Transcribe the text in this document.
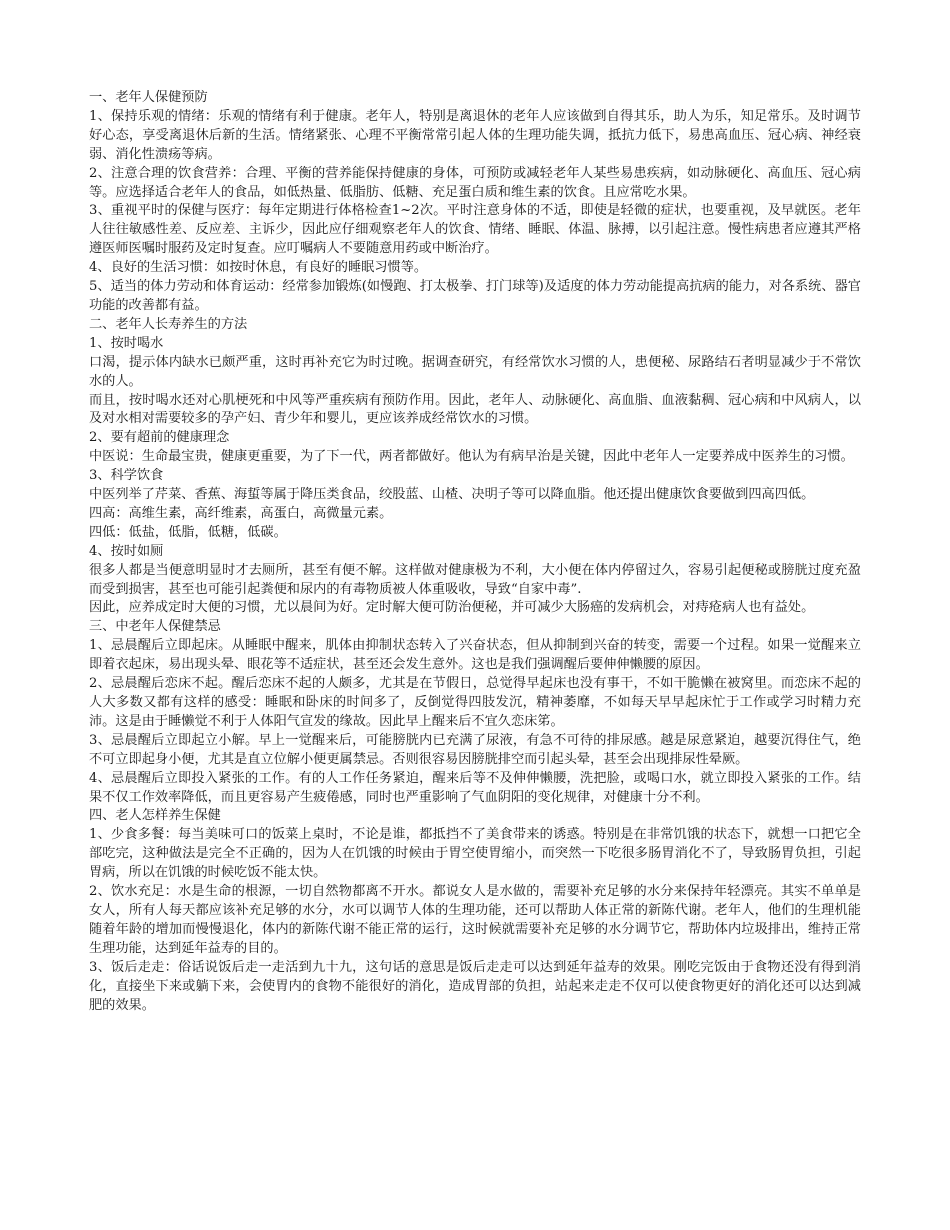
一、老年人保健预防

1、保持乐观的情绪：乐观的情绪有利于健康。老年人，特别是离退休的老年人应该做到自得其乐，助人为乐，知足常乐。及时调节好心态，享受离退休后新的生活。情绪紧张、心理不平衡常常引起人体的生理功能失调，抵抗力低下，易患高血压、冠心病、神经衰弱、消化性溃疡等病。

2、注意合理的饮食营养：合理、平衡的营养能保持健康的身体，可预防或减轻老年人某些易患疾病，如动脉硬化、高血压、冠心病等。应选择适合老年人的食品，如低热量、低脂肪、低糖、充足蛋白质和维生素的饮食。且应常吃水果。

3、重视平时的保健与医疗：每年定期进行体格检查1~2次。平时注意身体的不适，即使是轻微的症状，也要重视，及早就医。老年人往往敏感性差、反应差、主诉少，因此应仔细观察老年人的饮食、情绪、睡眠、体温、脉搏，以引起注意。慢性病患者应遵其严格遵医师医嘱时服药及定时复查。应叮嘱病人不要随意用药或中断治疗。

4、良好的生活习惯：如按时休息，有良好的睡眠习惯等。

5、适当的体力劳动和体育运动：经常参加锻炼(如慢跑、打太极拳、打门球等)及适度的体力劳动能提高抗病的能力，对各系统、器官功能的改善都有益。

二、老年人长寿养生的方法

1、按时喝水

口渴，提示体内缺水已颇严重，这时再补充它为时过晚。据调查研究，有经常饮水习惯的人，患便秘、尿路结石者明显减少于不常饮水的人。

而且，按时喝水还对心肌梗死和中风等严重疾病有预防作用。因此，老年人、动脉硬化、高血脂、血液黏稠、冠心病和中风病人，以及对水相对需要较多的孕产妇、青少年和婴儿，更应该养成经常饮水的习惯。

2、要有超前的健康理念

中医说：生命最宝贵，健康更重要，为了下一代，两者都做好。他认为有病早治是关键，因此中老年人一定要养成中医养生的习惯。

3、科学饮食

中医列举了芹菜、香蕉、海蜇等属于降压类食品，绞股蓝、山楂、决明子等可以降血脂。他还提出健康饮食要做到四高四低。

四高：高维生素，高纤维素，高蛋白，高微量元素。

四低：低盐，低脂，低糖，低碳。

4、按时如厕

很多人都是当便意明显时才去厕所，甚至有便不解。这样做对健康极为不利，大小便在体内停留过久，容易引起便秘或膀胱过度充盈而受到损害，甚至也可能引起粪便和尿内的有毒物质被人体重吸收，导致“自家中毒”.

因此，应养成定时大便的习惯，尤以晨间为好。定时解大便可防治便秘，并可减少大肠癌的发病机会，对痔疮病人也有益处。

三、中老年人保健禁忌

1、忌晨醒后立即起床。从睡眠中醒来，肌体由抑制状态转入了兴奋状态，但从抑制到兴奋的转变，需要一个过程。如果一觉醒来立即着衣起床，易出现头晕、眼花等不适症状，甚至还会发生意外。这也是我们强调醒后要伸伸懒腰的原因。

2、忌晨醒后恋床不起。醒后恋床不起的人颇多，尤其是在节假日，总觉得早起床也没有事干，不如干脆懒在被窝里。而恋床不起的人大多数又都有这样的感受：睡眠和卧床的时间多了，反倒觉得四肢发沉，精神萎靡，不如每天早早起床忙于工作或学习时精力充沛。这是由于睡懒觉不利于人体阳气宣发的缘故。因此早上醒来后不宜久恋床笫。

3、忌晨醒后立即起立小解。早上一觉醒来后，可能膀胱内已充满了尿液，有急不可待的排尿感。越是尿意紧迫，越要沉得住气，绝不可立即起身小便，尤其是直立位解小便更属禁忌。否则很容易因膀胱排空而引起头晕，甚至会出现排尿性晕厥。

4、忌晨醒后立即投入紧张的工作。有的人工作任务紧迫，醒来后等不及伸伸懒腰，洗把脸，或喝口水，就立即投入紧张的工作。结果不仅工作效率降低，而且更容易产生疲倦感，同时也严重影响了气血阴阳的变化规律，对健康十分不利。

四、老人怎样养生保健

1、少食多餐：每当美味可口的饭菜上桌时，不论是谁，都抵挡不了美食带来的诱惑。特别是在非常饥饿的状态下，就想一口把它全部吃完，这种做法是完全不正确的，因为人在饥饿的时候由于胃空使胃缩小，而突然一下吃很多肠胃消化不了，导致肠胃负担，引起胃病，所以在饥饿的时候吃饭不能太快。

2、饮水充足：水是生命的根源，一切自然物都离不开水。都说女人是水做的，需要补充足够的水分来保持年轻漂亮。其实不单单是女人，所有人每天都应该补充足够的水分，水可以调节人体的生理功能，还可以帮助人体正常的新陈代谢。老年人，他们的生理机能随着年龄的增加而慢慢退化，体内的新陈代谢不能正常的运行，这时候就需要补充足够的水分调节它，帮助体内垃圾排出，维持正常生理功能，达到延年益寿的目的。

3、饭后走走：俗话说饭后走一走活到九十九，这句话的意思是饭后走走可以达到延年益寿的效果。刚吃完饭由于食物还没有得到消化，直接坐下来或躺下来，会使胃内的食物不能很好的消化，造成胃部的负担，站起来走走不仅可以使食物更好的消化还可以达到减肥的效果。
